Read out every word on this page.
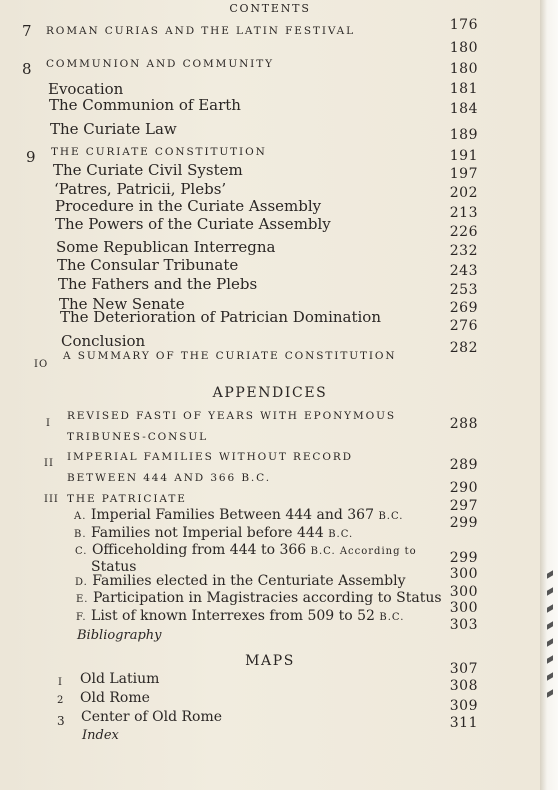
CONTENTS
7 ROMAN CURIAS AND THE LATIN FESTIVAL
8 COMMUNION AND COMMUNITY
Evocation
The Communion of Earth
The Curiate Law
9 THE CURIATE CONSTITUTION
The Curiate Civil System
‘Patres, Patricii, Plebs’
Procedure in the Curiate Assembly
The Powers of the Curiate Assembly
Some Republican Interregna
The Consular Tribunate
The Fathers and the Plebs
The New Senate
The Deterioration of Patrician Domination
Conclusion
IO
A SUMMARY OF THE CURIATE CONSTITUTION
176
180
180
181
184
189
191
197
202
213
226
232
243
253
269
276
282
APPENDICES
I
REVISED FASTI OF YEARS WITH EPONYMOUS
TRIBUNES-CONSUL
II
IMPERIAL FAMILIES WITHOUT RECORD
BETWEEN 444 AND 366 B.C.
III THE PATRICIATE
A. Imperial Families Between 444 and 367 B.C.
B. Families not Imperial before 444 B.C.
C. Officeholding from 444 to 366 B.C. According to
Status
D. Families elected in the Centuriate Assembly
E. Participation in Magistracies according to Status
F. List of known Interrexes from 509 to 52 B.C.
Bibliography
288
289
290
297
299
299
300
300
300
303
MAPS
I Old Latium
2 Old Rome
3 Center of Old Rome
Index
307
308
309
311
